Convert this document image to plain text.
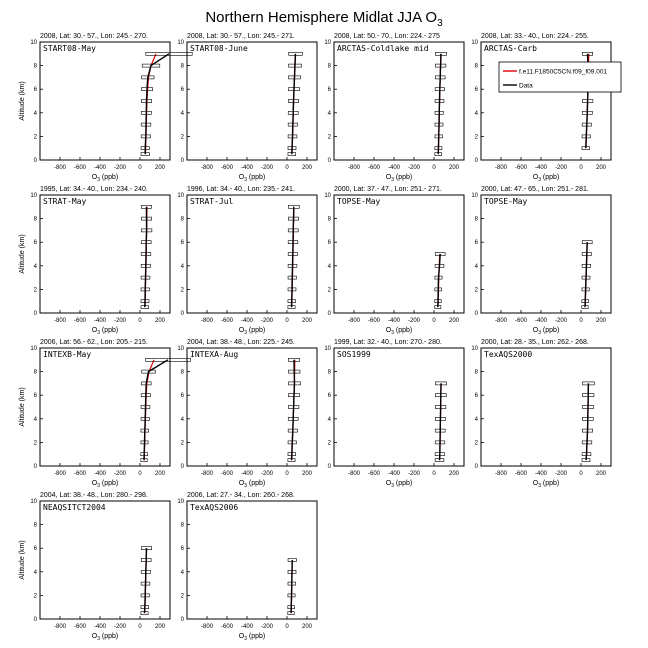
Northern Hemisphere Midlat JJA $O_3$
2008, Lat: 30.- 57., Lon: 245.- 270.
START08-May
-800 -600 -400 -200 0 200
0
2
4
6
8
10
$O_3$ (ppb)
Altitude (km)
2008, Lat: 30.- 57., Lon: 245.- 271.
START08-June
-800 -600 -400 -200 0 200
0
2
4
6
8
10
$O_3$ (ppb)
2008, Lat: 50.- 70., Lon: 224.- 275
ARCTAS-Coldlake mid
-800 -600 -400 -200 0 200
0
2
4
6
8
10
$O_3$ (ppb)
2008, Lat: 33.- 40., Lon: 224.- 255.
ARCTAS-Carb
-800 -600 -400 -200 0 200
0
2
4
6
8
10
$O_3$ (ppb)
f.e11.F1850C5CN.f09_f09.001
Data
1995, Lat: 34.- 40., Lon: 234.- 240.
STRAT-May
-800 -600 -400 -200 0 200
0
2
4
6
8
10
$O_3$ (ppb)
Altitude (km)
1996, Lat: 34.- 40., Lon: 235.- 241.
STRAT-Jul
-800 -600 -400 -200 0 200
0
2
4
6
8
10
$O_3$ (ppb)
2000, Lat: 37.- 47., Lon: 251.- 271.
TOPSE-May
-800 -600 -400 -200 0 200
0
2
4
6
8
10
$O_3$ (ppb)
2000, Lat: 47.- 65., Lon: 251.- 281.
TOPSE-May
-800 -600 -400 -200 0 200
0
2
4
6
8
10
$O_3$ (ppb)
2006, Lat: 56.- 62., Lon: 205.- 215.
INTEXB-May
-800 -600 -400 -200 0 200
0
2
4
6
8
10
$O_3$ (ppb)
Altitude (km)
2004, Lat: 38.- 48., Lon: 225.- 245.
INTEXA-Aug
-800 -600 -400 -200 0 200
0
2
4
6
8
10
$O_3$ (ppb)
1999, Lat: 32.- 40., Lon: 270.- 280.
SOS1999
-800 -600 -400 -200 0 200
0
2
4
6
8
10
$O_3$ (ppb)
2000, Lat: 28.- 35., Lon: 262.- 268.
TexAQS2000
-800 -600 -400 -200 0 200
0
2
4
6
8
10
$O_3$ (ppb)
2004, Lat: 38.- 48., Lon: 280.- 298.
NEAQSITCT2004
-800 -600 -400 -200 0 200
0
2
4
6
8
10
$O_3$ (ppb)
Altitude (km)
2006, Lat: 27.- 34., Lon: 260.- 268.
TexAQS2006
-800 -600 -400 -200 0 200
0
2
4
6
8
10
$O_3$ (ppb)
